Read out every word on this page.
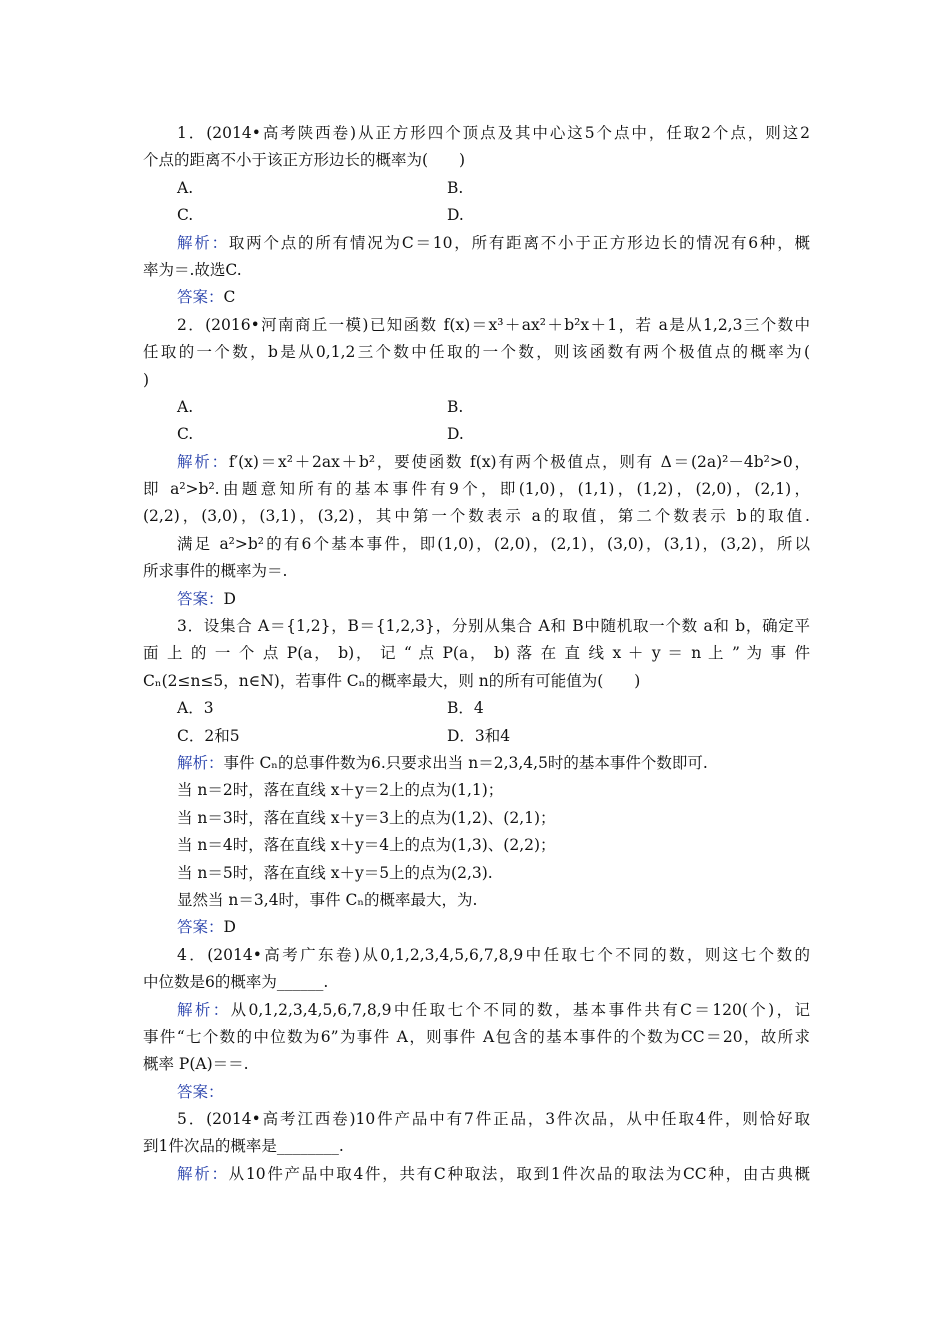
1．(2014•高考陕西卷)从正方形四个顶点及其中心这5个点中，任取2个点，则这2
个点的距离不小于该正方形边长的概率为(　　)
A.	B.
C.	D.
解析：取两个点的所有情况为C＝10，所有距离不小于正方形边长的情况有6种，概
率为＝.故选C.
答案：C
2．(2016•河南商丘一模)已知函数 f(x)＝x³＋ax²＋b²x＋1，若 a是从1,2,3三个数中
任取的一个数，b是从0,1,2三个数中任取的一个数，则该函数有两个极值点的概率为(
)
A.	B.
C.	D.
解析：f′(x)＝x²＋2ax＋b²，要使函数 f(x)有两个极值点，则有 Δ＝(2a)²－4b²>0，
即 a²>b².由题意知所有的基本事件有9个，即(1,0)，(1,1)，(1,2)，(2,0)，(2,1)，
(2,2)，(3,0)，(3,1)，(3,2)，其中第一个数表示 a的取值，第二个数表示 b的取值.
满足 a²>b²的有6个基本事件，即(1,0)，(2,0)，(2,1)，(3,0)，(3,1)，(3,2)，所以
所求事件的概率为＝.
答案：D
3．设集合 A＝{1,2}，B＝{1,2,3}，分别从集合 A和 B中随机取一个数 a和 b，确定平
面 上 的 一 个 点 P(a， b)， 记 “ 点 P(a， b) 落 在 直 线 x ＋ y ＝ n 上 ” 为 事 件
Cₙ(2≤n≤5，n∈N)，若事件 Cₙ的概率最大，则 n的所有可能值为(　　)
A．3	B．4
C．2和5	D．3和4
解析：事件 Cₙ的总事件数为6.只要求出当 n＝2,3,4,5时的基本事件个数即可.
当 n＝2时，落在直线 x＋y＝2上的点为(1,1)；
当 n＝3时，落在直线 x＋y＝3上的点为(1,2)、(2,1)；
当 n＝4时，落在直线 x＋y＝4上的点为(1,3)、(2,2)；
当 n＝5时，落在直线 x＋y＝5上的点为(2,3).
显然当 n＝3,4时，事件 Cₙ的概率最大，为.
答案：D
4．(2014•高考广东卷)从0,1,2,3,4,5,6,7,8,9中任取七个不同的数，则这七个数的
中位数是6的概率为______.
解析：从0,1,2,3,4,5,6,7,8,9中任取七个不同的数，基本事件共有C＝120(个)，记
事件“七个数的中位数为6”为事件 A，则事件 A包含的基本事件的个数为CC＝20，故所求
概率 P(A)＝＝.
答案：
5．(2014•高考江西卷)10件产品中有7件正品，3件次品，从中任取4件，则恰好取
到1件次品的概率是________.
解析：从10件产品中取4件，共有C种取法，取到1件次品的取法为CC种，由古典概
